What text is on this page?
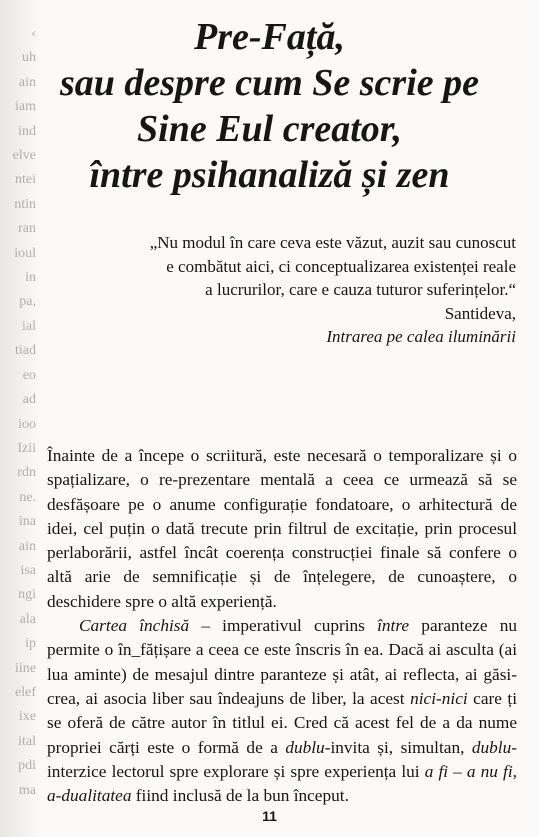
‹
uh
ain
iam
ind
elve
ntei
ntin
ran
ioul
in
pa,
ial
tiad
eo
ad
ioo
Izii
rdn
ne.
ina
ain
isa
ngi
ala
ip
iine
elef
ixe
ital
pdi
ma
Pre-Față,
sau despre cum Se scrie pe
Sine Eul creator,
între psihanaliză și zen
„Nu modul în care ceva este văzut, auzit sau cunoscut
e combătut aici, ci conceptualizarea existenței reale
a lucrurilor, care e cauza tuturor suferințelor.“
Santideva,
Intrarea pe calea iluminării

Înainte de a începe o scriitură, este necesară o temporalizare și o spațializare, o re-prezentare mentală a ceea ce urmează să se desfășoare pe o anume configurație fondatoare, o arhitectură de idei, cel puțin o dată trecute prin filtrul de excitație, prin procesul perlaborării, astfel încât coerența construcției finale să confere o altă arie de semnificație și de înțelegere, de cunoaștere, o deschidere spre o altă experiență.

Cartea închisă – imperativul cuprins între paranteze nu permite o în_fățișare a ceea ce este înscris în ea. Dacă ai asculta (ai lua aminte) de mesajul dintre paranteze și atât, ai reflecta, ai găsi-crea, ai asocia liber sau îndeajuns de liber, la acest nici-nici care ți se oferă de către autor în titlul ei. Cred că acest fel de a da nume propriei cărți este o formă de a dublu-invita și, simultan, dublu-interzice lectorul spre explorare și spre experiența lui a fi – a nu fi, a-dualitatea fiind inclusă de la bun început.

11
